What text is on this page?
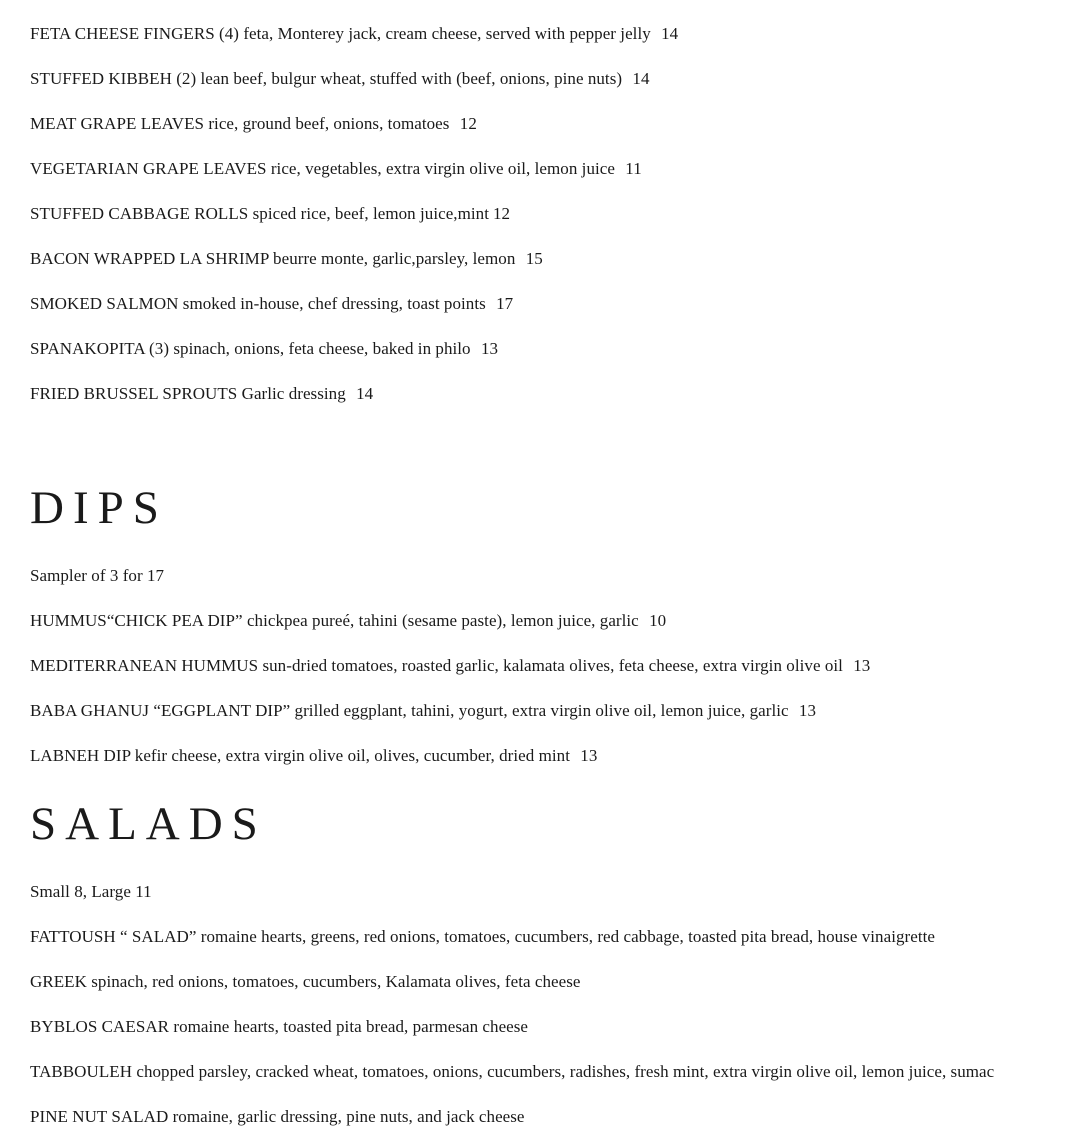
FETA CHEESE FINGERS (4) feta, Monterey jack, cream cheese, served with pepper jelly 14
STUFFED KIBBEH (2) lean beef, bulgur wheat, stuffed with (beef, onions, pine nuts) 14
MEAT GRAPE LEAVES rice, ground beef, onions, tomatoes 12
VEGETARIAN GRAPE LEAVES rice, vegetables, extra virgin olive oil, lemon juice 11
STUFFED CABBAGE ROLLS spiced rice, beef, lemon juice,mint 12
BACON WRAPPED LA SHRIMP beurre monte, garlic,parsley, lemon 15
SMOKED SALMON smoked in-house, chef dressing, toast points 17
SPANAKOPITA (3) spinach, onions, feta cheese, baked in philo 13
FRIED BRUSSEL SPROUTS Garlic dressing 14
DIPS
Sampler of 3 for 17
HUMMUS“CHICK PEA DIP” chickpea pureé, tahini (sesame paste), lemon juice, garlic 10
MEDITERRANEAN HUMMUS sun-dried tomatoes, roasted garlic, kalamata olives, feta cheese, extra virgin olive oil 13
BABA GHANUJ “EGGPLANT DIP” grilled eggplant, tahini, yogurt, extra virgin olive oil, lemon juice, garlic 13
LABNEH DIP kefir cheese, extra virgin olive oil, olives, cucumber, dried mint 13
SALADS
Small 8, Large 11
FATTOUSH “ SALAD” romaine hearts, greens, red onions, tomatoes, cucumbers, red cabbage, toasted pita bread, house vinaigrette
GREEK spinach, red onions, tomatoes, cucumbers, Kalamata olives, feta cheese
BYBLOS CAESAR romaine hearts, toasted pita bread, parmesan cheese
TABBOULEH chopped parsley, cracked wheat, tomatoes, onions, cucumbers, radishes, fresh mint, extra virgin olive oil, lemon juice, sumac
PINE NUT SALAD romaine, garlic dressing, pine nuts, and jack cheese
